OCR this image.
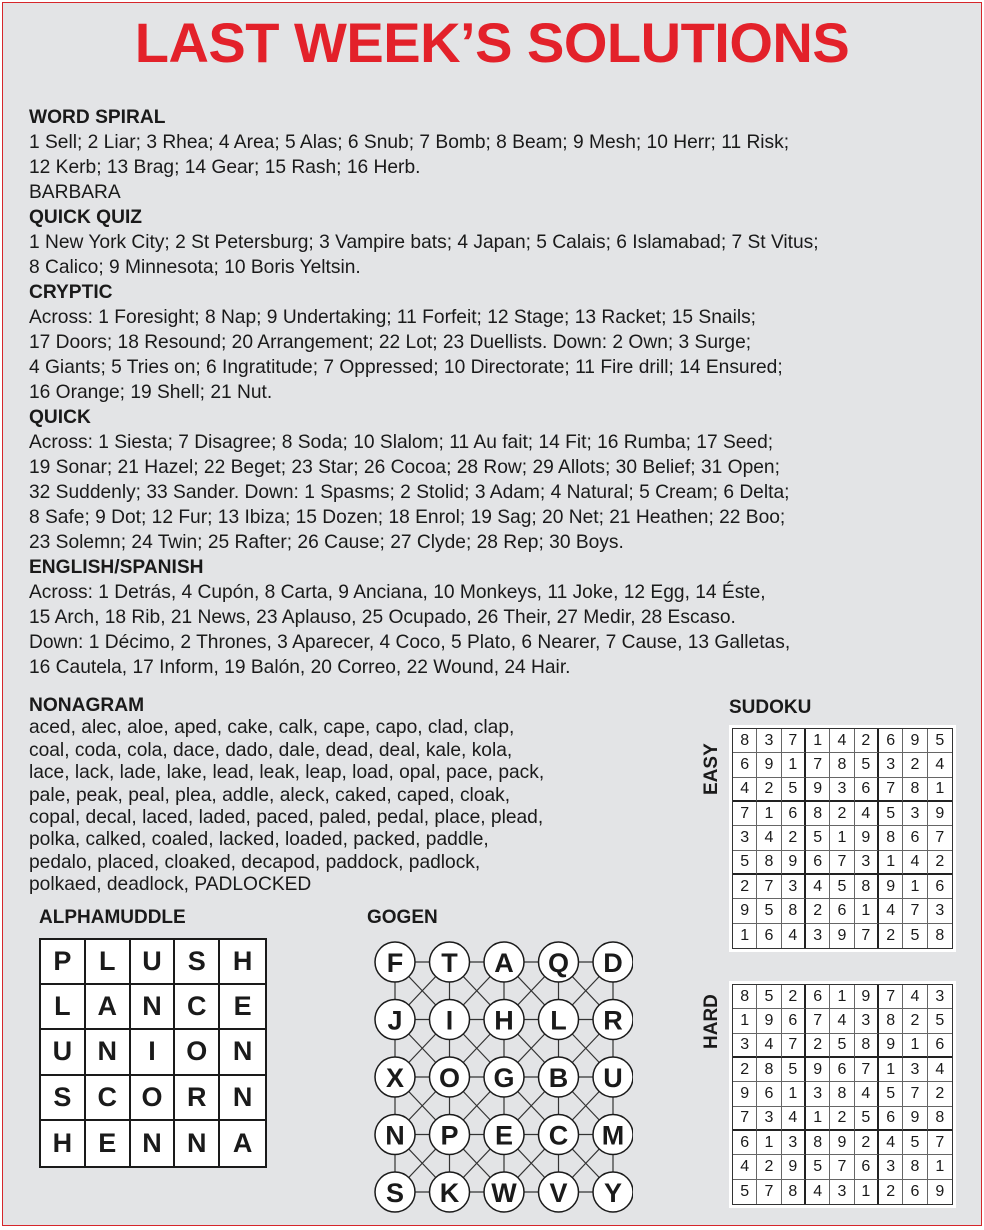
LAST WEEK’S SOLUTIONS
WORD SPIRAL
1 Sell; 2 Liar; 3 Rhea; 4 Area; 5 Alas; 6 Snub; 7 Bomb; 8 Beam; 9 Mesh; 10 Herr; 11 Risk;
12 Kerb; 13 Brag; 14 Gear; 15 Rash; 16 Herb.
BARBARA
QUICK QUIZ
1 New York City; 2 St Petersburg; 3 Vampire bats; 4 Japan; 5 Calais; 6 Islamabad; 7 St Vitus;
8 Calico; 9 Minnesota; 10 Boris Yeltsin.
CRYPTIC
Across: 1 Foresight; 8 Nap; 9 Undertaking; 11 Forfeit; 12 Stage; 13 Racket; 15 Snails;
17 Doors; 18 Resound; 20 Arrangement; 22 Lot; 23 Duellists. Down: 2 Own; 3 Surge;
4 Giants; 5 Tries on; 6 Ingratitude; 7 Oppressed; 10 Directorate; 11 Fire drill; 14 Ensured;
16 Orange; 19 Shell; 21 Nut.
QUICK
Across: 1 Siesta; 7 Disagree; 8 Soda; 10 Slalom; 11 Au fait; 14 Fit; 16 Rumba; 17 Seed;
19 Sonar; 21 Hazel; 22 Beget; 23 Star; 26 Cocoa; 28 Row; 29 Allots; 30 Belief; 31 Open;
32 Suddenly; 33 Sander. Down: 1 Spasms; 2 Stolid; 3 Adam; 4 Natural; 5 Cream; 6 Delta;
8 Safe; 9 Dot; 12 Fur; 13 Ibiza; 15 Dozen; 18 Enrol; 19 Sag; 20 Net; 21 Heathen; 22 Boo;
23 Solemn; 24 Twin; 25 Rafter; 26 Cause; 27 Clyde; 28 Rep; 30 Boys.
ENGLISH/SPANISH
Across: 1 Detrás, 4 Cupón, 8 Carta, 9 Anciana, 10 Monkeys, 11 Joke, 12 Egg, 14 Éste,
15 Arch, 18 Rib, 21 News, 23 Aplauso, 25 Ocupado, 26 Their, 27 Medir, 28 Escaso.
Down: 1 Décimo, 2 Thrones, 3 Aparecer, 4 Coco, 5 Plato, 6 Nearer, 7 Cause, 13 Galletas,
16 Cautela, 17 Inform, 19 Balón, 20 Correo, 22 Wound, 24 Hair.
NONAGRAM
aced, alec, aloe, aped, cake, calk, cape, capo, clad, clap,
coal, coda, cola, dace, dado, dale, dead, deal, kale, kola,
lace, lack, lade, lake, lead, leak, leap, load, opal, pace, pack,
pale, peak, peal, plea, addle, aleck, caked, caped, cloak,
copal, decal, laced, laded, paced, paled, pedal, place, plead,
polka, calked, coaled, lacked, loaded, packed, paddle,
pedalo, placed, cloaked, decapod, paddock, padlock,
polkaed, deadlock, PADLOCKED
ALPHAMUDDLE
P	L U S	H
L A N C	E
U N	I	O N
S C O R N
H E N N A
GOGEN
F T A Q D
J I H L R
X O G B U
N P E C M
S K W V Y
SUDOKU
EASY
8 3 7 1 4 2 6 9 5
6 9 1 7 8 5 3 2 4
4 2 5 9 3 6 7 8 1
7 1 6 8 2 4 5 3 9
3 4 2 5 1 9 8 6 7
5 8 9 6 7 3 1 4 2
2 7 3 4 5 8 9 1 6
9 5 8 2 6 1 4 7 3
1 6 4 3 9 7 2 5 8
HARD	8 5 2 6 1 9 7 4 3
1 9 6 7 4 3 8 2 5
3 4 7 2 5 8 9 1 6
2 8 5 9 6 7 1 3 4
9 6 1 3 8 4 5 7 2
7 3 4 1 2 5 6 9 8
6 1 3 8 9 2 4 5 7
4 2 9 5 7 6 3 8 1
5 7 8 4 3 1 2 6 9
